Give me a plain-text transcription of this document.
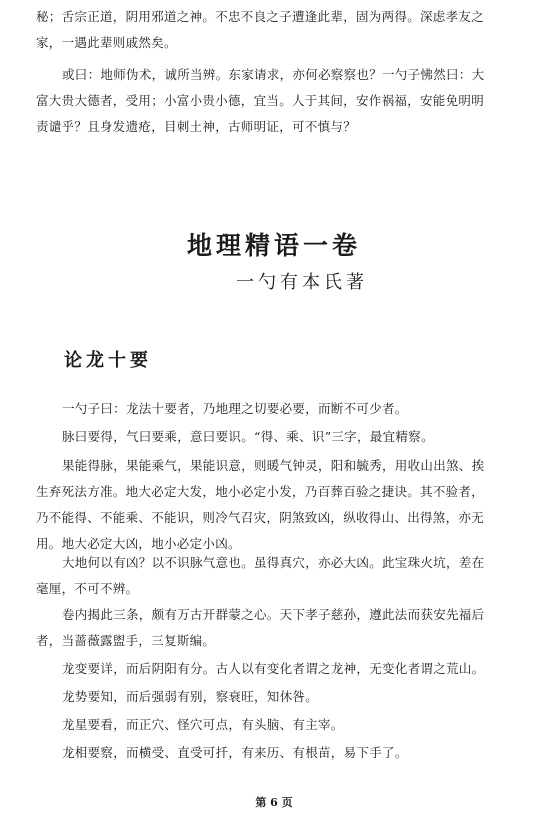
秘；舌宗正道，阴用邪道之神。不忠不良之子遭逢此辈，固为两得。深虑孝友之
家，一遇此辈则戚然矣。
或曰：地师伪术，诚所当辨。东家请求，亦何必察察也？一勺子怫然曰：大
富大贵大德者，受用；小富小贵小德，宜当。人于其间，安作祸福，安能免明明
责谴乎？且身发遗疮，目刺土神，古师明证，可不慎与？
地理精语一卷
一勺有本氏著
论龙十要
一勺子曰：龙法十要者，乃地理之切要必要，而断不可少者。
脉曰要得，气曰要乘，意曰要识。“得、乘、识”三字，最宜精察。
果能得脉，果能乘气，果能识意，则暖气钟灵，阳和毓秀，用收山出煞、挨
生弃死法方准。地大必定大发，地小必定小发，乃百葬百验之捷诀。其不验者，
乃不能得、不能乘、不能识，则冷气召灾，阴煞致凶，纵收得山、出得煞，亦无
用。地大必定大凶，地小必定小凶。
大地何以有凶？以不识脉气意也。虽得真穴，亦必大凶。此宝珠火坑，差在
毫厘，不可不辨。
卷内揭此三条，颇有万古开群蒙之心。天下孝子慈孙，遵此法而获安先福后
者，当蔷薇露盥手，三复斯编。
龙变要详，而后阴阳有分。古人以有变化者谓之龙神，无变化者谓之荒山。
龙势要知，而后强弱有别，察衰旺，知休咎。
龙星要看，而正穴、怪穴可点，有头脑、有主宰。
龙相要察，而横受、直受可扦，有来历、有根苗，易下手了。
第 6 页
